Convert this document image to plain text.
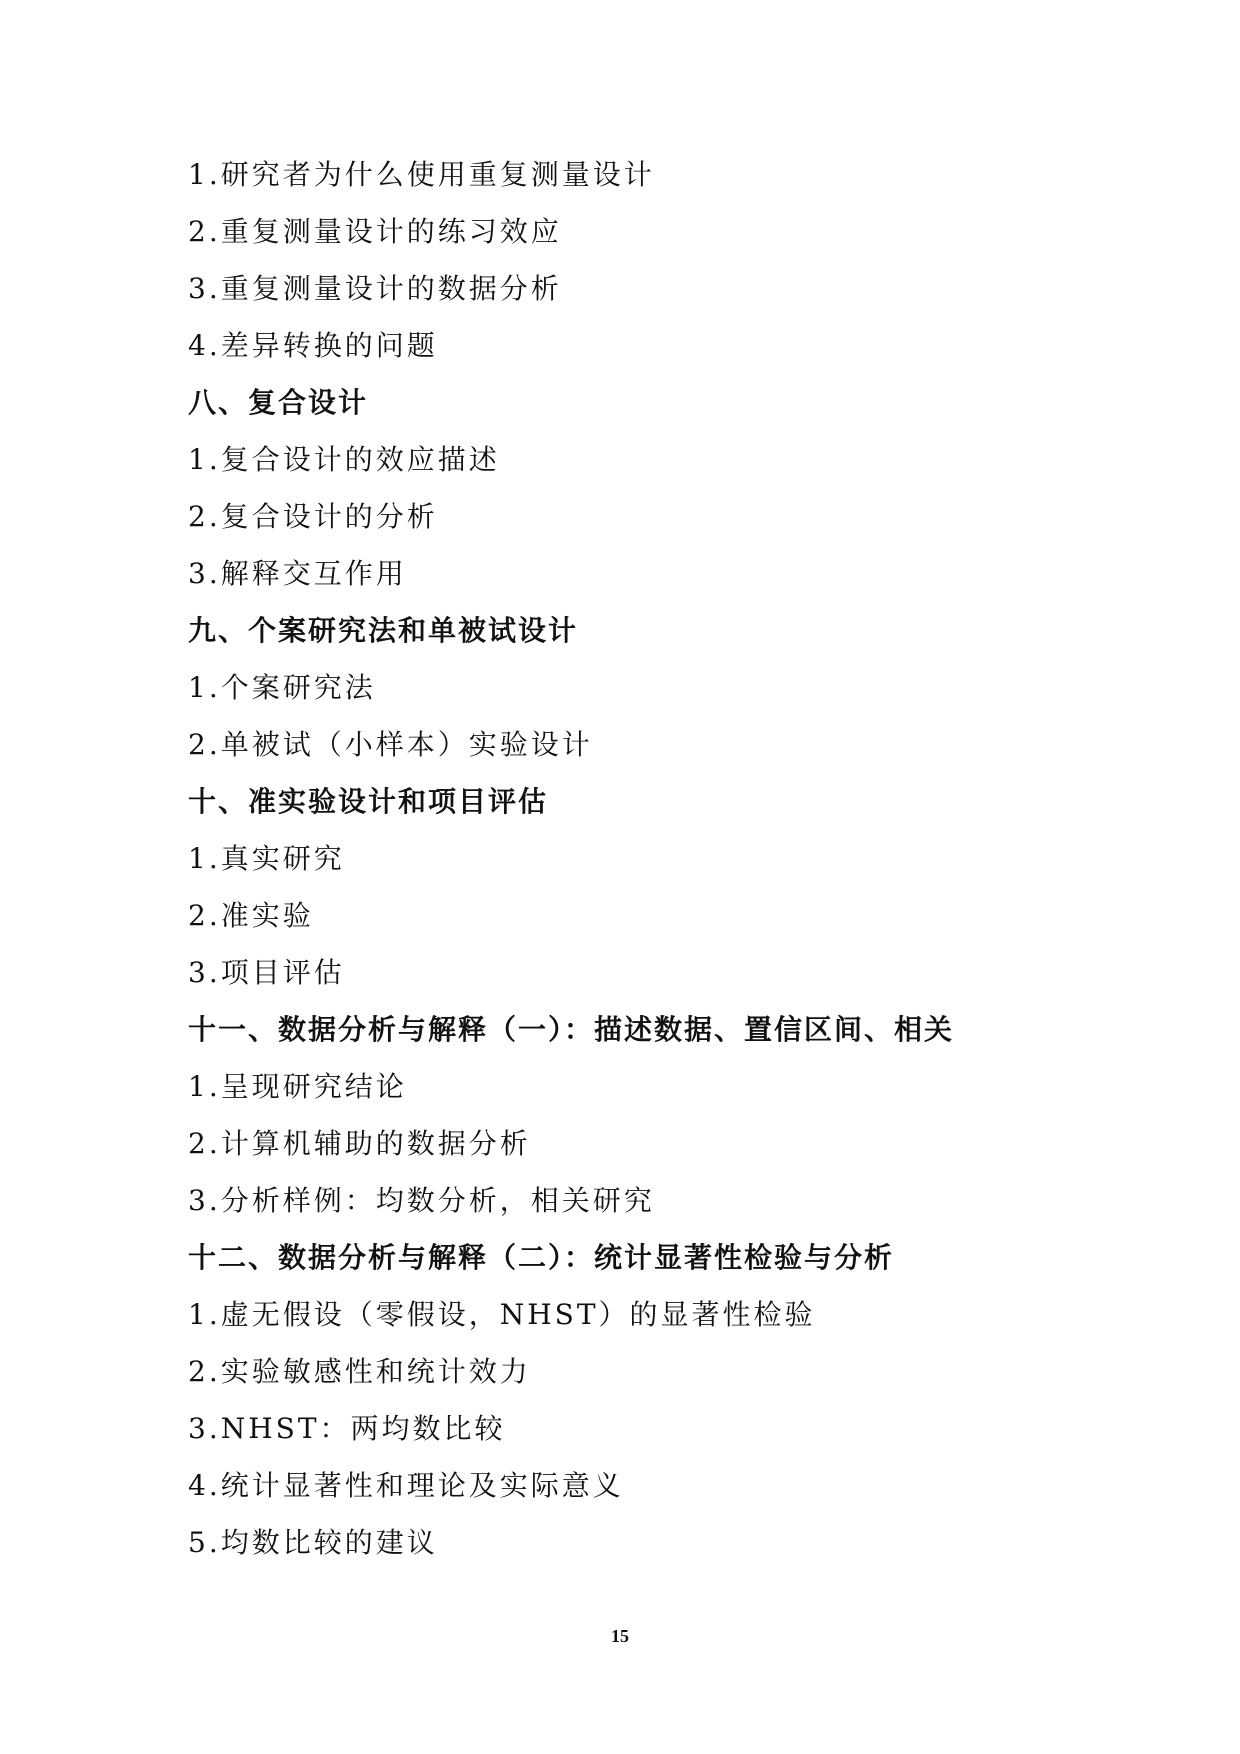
1.研究者为什么使用重复测量设计
2.重复测量设计的练习效应
3.重复测量设计的数据分析
4.差异转换的问题
八、复合设计
1.复合设计的效应描述
2.复合设计的分析
3.解释交互作用
九、个案研究法和单被试设计
1.个案研究法
2.单被试（小样本）实验设计
十、准实验设计和项目评估
1.真实研究
2.准实验
3.项目评估
十一、数据分析与解释（一）：描述数据、置信区间、相关
1.呈现研究结论
2.计算机辅助的数据分析
3.分析样例：均数分析，相关研究
十二、数据分析与解释（二）：统计显著性检验与分析
1.虚无假设（零假设，NHST）的显著性检验
2.实验敏感性和统计效力
3.NHST：两均数比较
4.统计显著性和理论及实际意义
5.均数比较的建议
15
